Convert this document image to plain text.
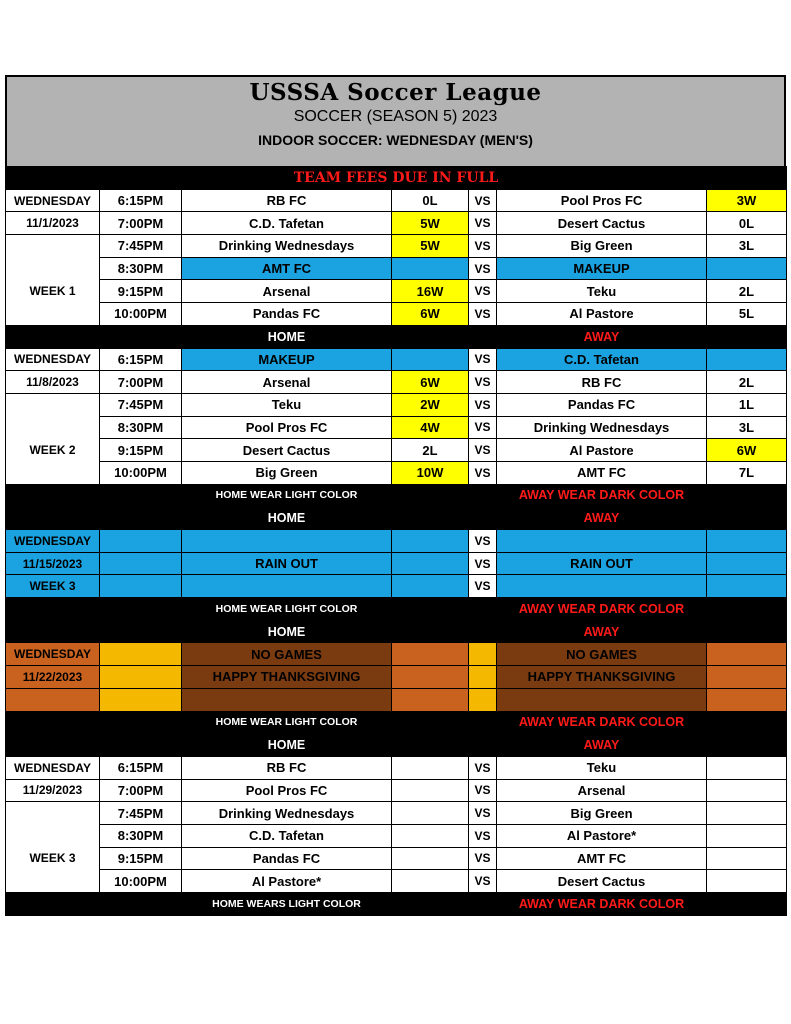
USSSA Soccer League
SOCCER (SEASON 5) 2023
INDOOR SOCCER: WEDNESDAY (MEN'S)
TEAM FEES DUE IN FULL						
WEDNESDAY	6:15PM	RB FC	0L	VS	Pool Pros FC	3W
11/1/2023	7:00PM	C.D. Tafetan	5W	VS	Desert Cactus	0L
	7:45PM	Drinking Wednesdays	5W	VS	Big Green	3L
	8:30PM	AMT FC		VS	MAKEUP	
WEEK 1	9:15PM	Arsenal	16W	VS	Teku	2L
	10:00PM	Pandas FC	6W	VS	Al Pastore	5L
		HOME			AWAY	
WEDNESDAY	6:15PM	MAKEUP		VS	C.D. Tafetan	
11/8/2023	7:00PM	Arsenal	6W	VS	RB FC	2L
	7:45PM	Teku	2W	VS	Pandas FC	1L
	8:30PM	Pool Pros FC	4W	VS	Drinking Wednesdays	3L
WEEK 2	9:15PM	Desert Cactus	2L	VS	Al Pastore	6W
	10:00PM	Big Green	10W	VS	AMT FC	7L
		HOME WEAR LIGHT COLOR			AWAY WEAR DARK COLOR	
		HOME			AWAY	
WEDNESDAY				VS		
11/15/2023		RAIN OUT		VS	RAIN OUT	
WEEK 3				VS		
		HOME WEAR LIGHT COLOR			AWAY WEAR DARK COLOR	
		HOME			AWAY	
WEDNESDAY		NO GAMES			NO GAMES	
11/22/2023		HAPPY THANKSGIVING			HAPPY THANKSGIVING	

		HOME WEAR LIGHT COLOR			AWAY WEAR DARK COLOR	
		HOME			AWAY	
WEDNESDAY	6:15PM	RB FC		VS	Teku	
11/29/2023	7:00PM	Pool Pros FC		VS	Arsenal	
	7:45PM	Drinking Wednesdays		VS	Big Green	
	8:30PM	C.D. Tafetan		VS	Al Pastore*	
WEEK 3	9:15PM	Pandas FC		VS	AMT FC	
	10:00PM	Al Pastore*		VS	Desert Cactus	
		HOME WEARS LIGHT COLOR			AWAY WEAR DARK COLOR	
